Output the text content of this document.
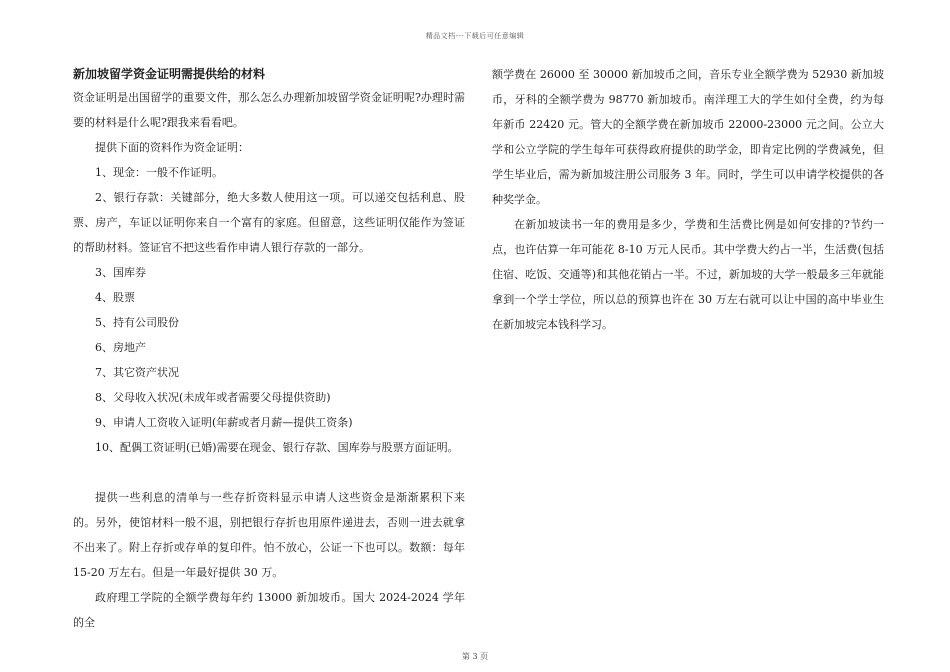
精品文档---下载后可任意编辑

新加坡留学资金证明需提供给的材料

资金证明是出国留学的重要文件，那么怎么办理新加坡留学资金证明呢?办理时需要的材料是什么呢?跟我来看看吧。

提供下面的资料作为资金证明：

1、现金：一般不作证明。

2、银行存款：关键部分，绝大多数人使用这一项。可以递交包括利息、股票、房产，车证以证明你来自一个富有的家庭。但留意，这些证明仅能作为签证的帮助材料。签证官不把这些看作申请人银行存款的一部分。

3、国库券

4、股票

5、持有公司股份

6、房地产

7、其它资产状况

8、父母收入状况(未成年或者需要父母提供资助)

9、申请人工资收入证明(年薪或者月薪—提供工资条)

10、配偶工资证明(已婚)需要在现金、银行存款、国库券与股票方面证明。

提供一些利息的清单与一些存折资料显示申请人这些资金是渐渐累积下来的。另外，使馆材料一般不退，别把银行存折也用原件递进去，否则一进去就拿不出来了。附上存折或存单的复印件。怕不放心，公证一下也可以。数额：每年 15-20 万左右。但是一年最好提供 30 万。

政府理工学院的全额学费每年约 13000 新加坡币。国大 2024-2024 学年的全

额学费在 26000 至 30000 新加坡币之间，音乐专业全额学费为 52930 新加坡币，牙科的全额学费为 98770 新加坡币。南洋理工大的学生如付全费，约为每年新币 22420 元。管大的全额学费在新加坡币 22000-23000 元之间。公立大学和公立学院的学生每年可获得政府提供的助学金，即肯定比例的学费减免，但学生毕业后，需为新加坡注册公司服务 3 年。同时，学生可以申请学校提供的各种奖学金。

在新加坡读书一年的费用是多少，学费和生活费比例是如何安排的?节约一点，也许估算一年可能花 8-10 万元人民币。其中学费大约占一半，生活费(包括住宿、吃饭、交通等)和其他花销占一半。不过，新加坡的大学一般最多三年就能拿到一个学士学位，所以总的预算也许在 30 万左右就可以让中国的高中毕业生在新加坡完本钱科学习。

第 3 页
